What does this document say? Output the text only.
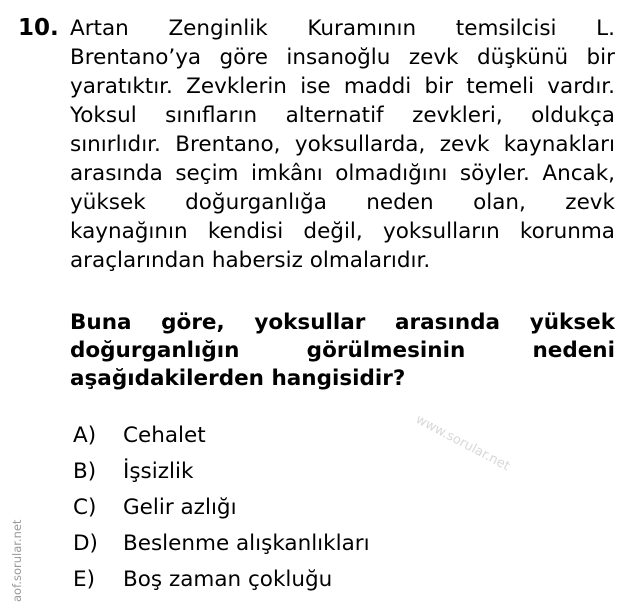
10. Artan Zenginlik Kuramının temsilcisi L.
Brentano’ya göre insanoğlu zevk düşkünü bir
yaratıktır. Zevklerin ise maddi bir temeli vardır.
Yoksul sınıfların alternatif zevkleri, oldukça
sınırlıdır. Brentano, yoksullarda, zevk kaynakları
arasında seçim imkânı olmadığını söyler. Ancak,
yüksek doğurganlığa neden olan, zevk
kaynağının kendisi değil, yoksulların korunma
araçlarından habersiz olmalarıdır.
Buna göre, yoksullar arasında yüksek
doğurganlığın görülmesinin nedeni
aşağıdakilerden hangisidir?
www.sorular.net
A)	Cehalet
B)	İşsizlik
C)	Gelir azlığı
D)	Beslenme alışkanlıkları
E)	Boş zaman çokluğu
aof.sorular.net
